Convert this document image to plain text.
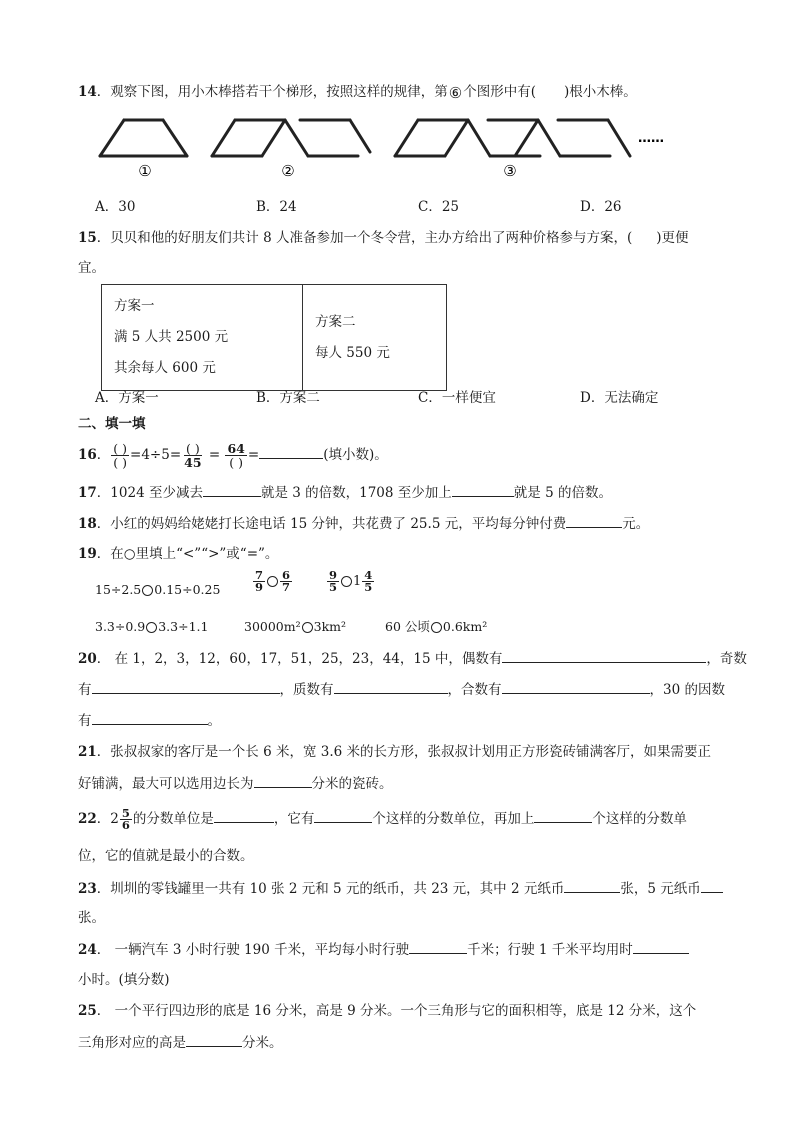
14．观察下图，用小木棒搭若干个梯形，按照这样的规律，第⑥个图形中有( )根小木棒。
①	②	③
……
A．30	B．24	C．25	D．26
15．贝贝和他的好朋友们共计 8 人准备参加一个冬令营，主办方给出了两种价格参与方案，( )更便
宜。
方案一
满 5 人共 2500 元
其余每人 600 元

方案二
每人 550 元
A．方案一	B．方案二	C．一样便宜	D．无法确定
二、填一填
16． $\frac{( )}{( )} =4\div 5= \frac{( )}{45} = \frac{64}{( )}$ =	(填小数)。
17．1024 至少减去	就是 3 的倍数，1708 至少加上	就是 5 的倍数。
18．小红的妈妈给姥姥打长途电话 15 分钟，共花费了 25.5 元，平均每分钟付费	元。
19．在○里填上“<”“>”或“=”。
15÷2.5 0.15÷0.25	$\frac{7}{9} \frac{6}{7}$	$\frac{9}{5} 1 \frac{4}{5}$
3.3÷0.9 3.3÷1.1	30000m² 3km²	60 公顷 0.6km²
20． 在 1，2，3，12，60，17，51，25，23，44，15 中，偶数有	，奇数
有	，质数有	，合数有	，30 的因数
有	。
21．张叔叔家的客厅是一个长 6 米，宽 3.6 米的长方形，张叔叔计划用正方形瓷砖铺满客厅，如果需要正
好铺满，最大可以选用边长为	分米的瓷砖。
22．$2 \frac{5}{6}$ 的分数单位是	，它有	个这样的分数单位，再加上	个这样的分数单
位，它的值就是最小的合数。
23．圳圳的零钱罐里一共有 10 张 2 元和 5 元的纸币，共 23 元，其中 2 元纸币	张，5 元纸币
张。
24． 一辆汽车 3 小时行驶 190 千米，平均每小时行驶	千米；行驶 1 千米平均用时
小时。(填分数)
25． 一个平行四边形的底是 16 分米，高是 9 分米。一个三角形与它的面积相等，底是 12 分米，这个
三角形对应的高是	分米。
